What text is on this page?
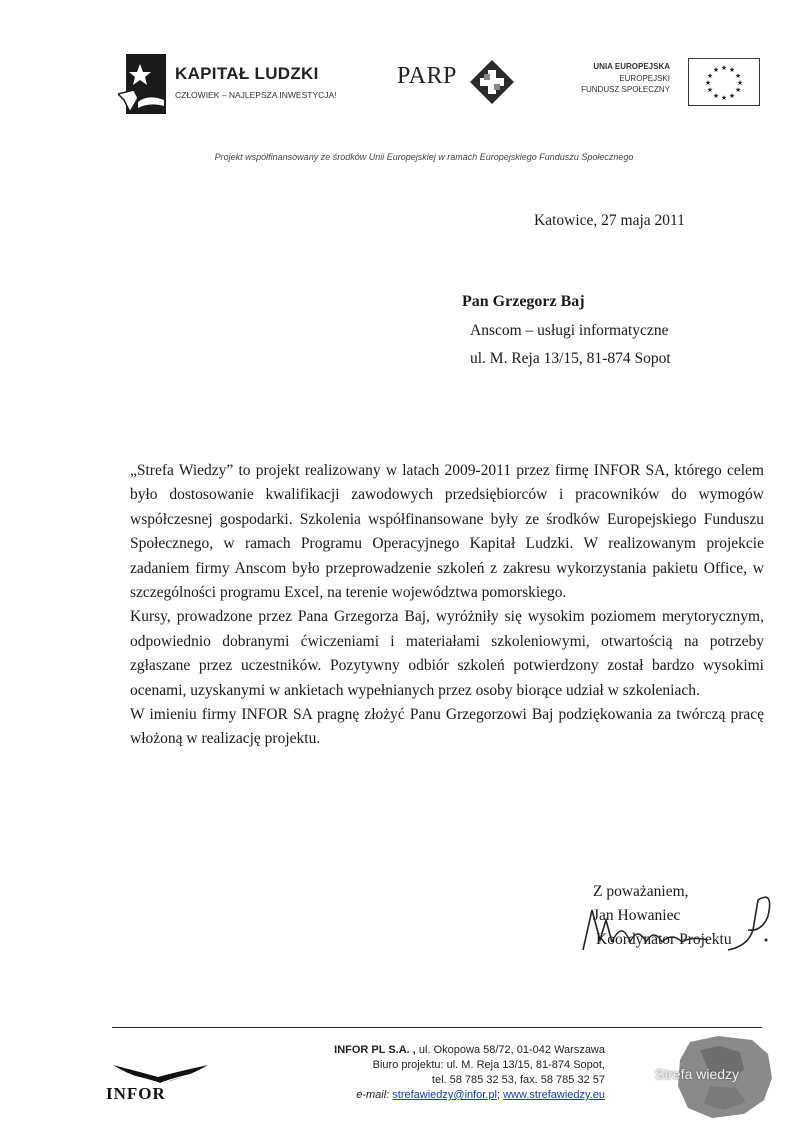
KAPITAŁ LUDZKI
CZŁOWIEK – NAJLEPSZA INWESTYCJA!
PARP	UNIA EUROPEJSKA
EUROPEJSKI
FUNDUSZ SPOŁECZNY
★ ★
★
★
★
★
★
★
★
★
★
★
Projekt współfinansowany ze środków Unii Europejskiej w ramach Europejskiego Funduszu Społecznego
Katowice, 27 maja 2011
Pan Grzegorz Baj
Anscom – usługi informatyczne
ul. M. Reja 13/15, 81-874 Sopot

„Strefa Wiedzy” to projekt realizowany w latach 2009-2011 przez firmę INFOR SA, którego celem było dostosowanie kwalifikacji zawodowych przedsiębiorców i pracowników do wymogów współczesnej gospodarki. Szkolenia współfinansowane były ze środków Europejskiego Funduszu Społecznego, w ramach Programu Operacyjnego Kapitał Ludzki. W realizowanym projekcie zadaniem firmy Anscom było przeprowadzenie szkoleń z zakresu wykorzystania pakietu Office, w szczególności programu Excel, na terenie województwa pomorskiego.

Kursy, prowadzone przez Pana Grzegorza Baj, wyróżniły się wysokim poziomem merytorycznym, odpowiednio dobranymi ćwiczeniami i materiałami szkoleniowymi, otwartością na potrzeby zgłaszane przez uczestników. Pozytywny odbiór szkoleń potwierdzony został bardzo wysokimi ocenami, uzyskanymi w ankietach wypełnianych przez osoby biorące udział w szkoleniach.

W imieniu firmy INFOR SA pragnę złożyć Panu Grzegorzowi Baj podziękowania za twórczą pracę włożoną w realizację projektu.

Z poważaniem,
Jan Howaniec
Koordynator Projektu
INFOR
INFOR PL S.A. , ul. Okopowa 58/72, 01-042 Warszawa
Biuro projektu: ul. M. Reja 13/15, 81-874 Sopot,
tel. 58 785 32 53, fax. 58 785 32 57
e-mail: strefawiedzy@infor.pl; www.strefawiedzy.eu
Strefa wiedzy
